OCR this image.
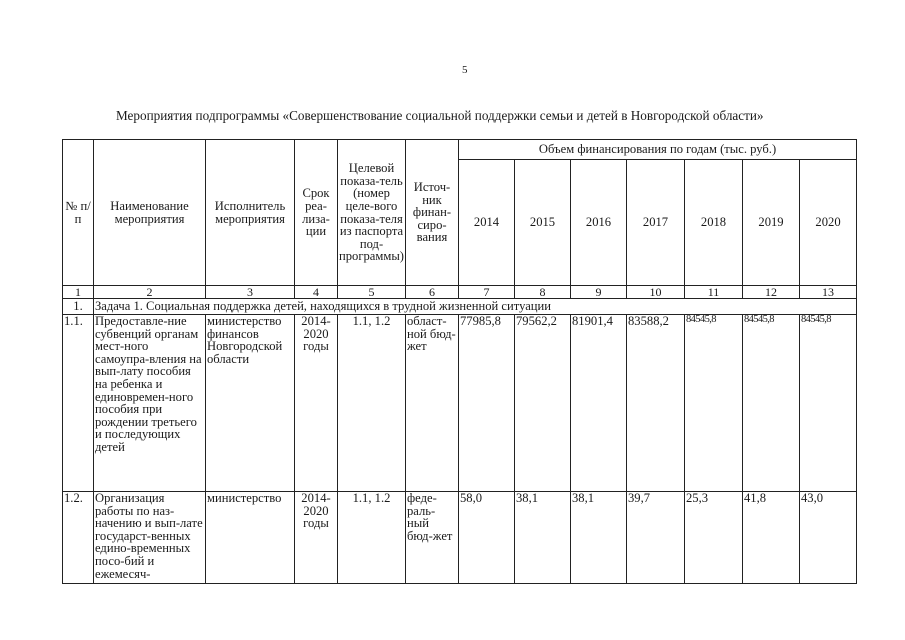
5
Мероприятия подпрограммы «Совершенствование социальной поддержки семьи и детей в Новгородской области»
№ п/п	Наименование мероприятия	Исполнитель мероприятия	Срок реа-лиза-ции	Целевой показа-тель (номер целе-вого показа-теля из паспорта под-программы)	Источ-ник финан-сиро-вания	Объем финансирования по годам (тыс. руб.)						
						2014	2015	2016	2017	2018	2019	2020
1	2	3	4	5	6	7	8	9	10	11	12	13
1.	Задача 1. Социальная поддержка детей, находящихся в трудной жизненной ситуации											
1.1.	Предоставле-ние субвенций органам мест-ного самоупра-вления на вып-лату пособия на ребенка и единовремен-ного пособия при рождении третьего и последующих детей	министерство финансов Новгородской области	2014-2020 годы	1.1, 1.2	област-ной бюд-жет	77985,8	79562,2	81901,4	83588,2	84545,8	84545,8	84545,8
1.2.	Организация работы по наз-начению и вып-лате государст-венных едино-временных посо-бий и ежемесяч-	министерство	2014-2020 годы	1.1, 1.2	феде-раль-ный бюд-жет	58,0	38,1	38,1	39,7	25,3	41,8	43,0
